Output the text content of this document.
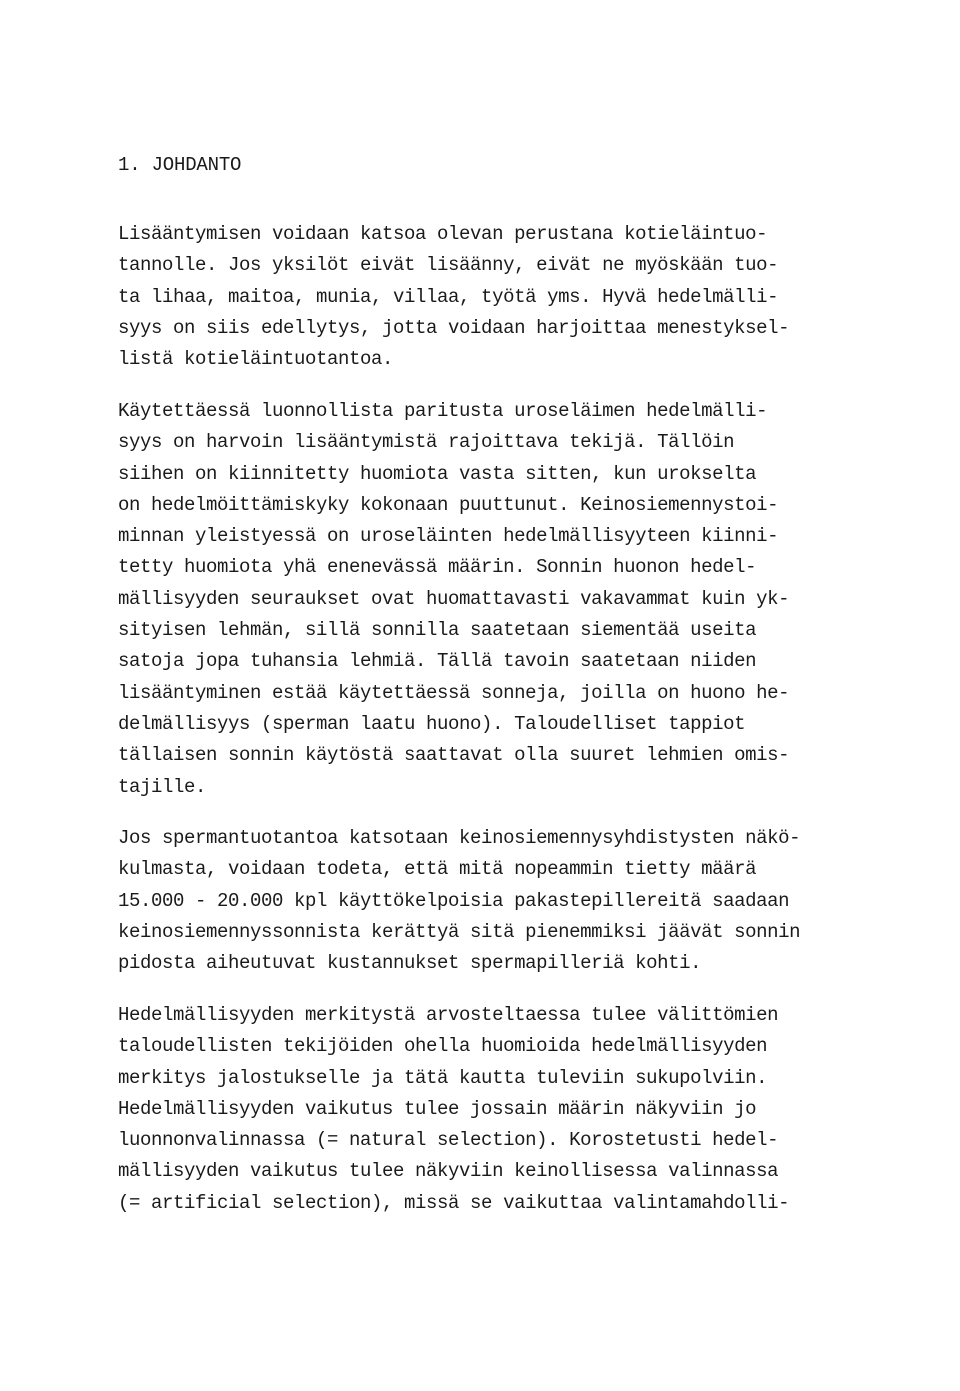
1. JOHDANTO
Lisääntymisen voidaan katsoa olevan perustana kotieläintuo-
tannolle. Jos yksilöt eivät lisäänny, eivät ne myöskään tuo-
ta lihaa, maitoa, munia, villaa, työtä yms. Hyvä hedelmälli-
syys on siis edellytys, jotta voidaan harjoittaa menestyksel-
listä kotieläintuotantoa.
Käytettäessä luonnollista paritusta uroseläimen hedelmälli-
syys on harvoin lisääntymistä rajoittava tekijä. Tällöin
siihen on kiinnitetty huomiota vasta sitten, kun urokselta
on hedelmöittämiskyky kokonaan puuttunut. Keinosiemennystoi-
minnan yleistyessä on uroseläinten hedelmällisyyteen kiinni-
tetty huomiota yhä enenevässä määrin. Sonnin huonon hedel-
mällisyyden seuraukset ovat huomattavasti vakavammat kuin yk-
sityisen lehmän, sillä sonnilla saatetaan siementää useita
satoja jopa tuhansia lehmiä. Tällä tavoin saatetaan niiden
lisääntyminen estää käytettäessä sonneja, joilla on huono he-
delmällisyys (sperman laatu huono). Taloudelliset tappiot
tällaisen sonnin käytöstä saattavat olla suuret lehmien omis-
tajille.
Jos spermantuotantoa katsotaan keinosiemennysyhdistysten näkö-
kulmasta, voidaan todeta, että mitä nopeammin tietty määrä
15.000 - 20.000 kpl käyttökelpoisia pakastepillereitä saadaan
keinosiemennyssonnista kerättyä sitä pienemmiksi jäävät sonnin
pidosta aiheutuvat kustannukset spermapilleriä kohti.
Hedelmällisyyden merkitystä arvosteltaessa tulee välittömien
taloudellisten tekijöiden ohella huomioida hedelmällisyyden
merkitys jalostukselle ja tätä kautta tuleviin sukupolviin.
Hedelmällisyyden vaikutus tulee jossain määrin näkyviin jo
luonnonvalinnassa (= natural selection). Korostetusti hedel-
mällisyyden vaikutus tulee näkyviin keinollisessa valinnassa
(= artificial selection), missä se vaikuttaa valintamahdolli-
